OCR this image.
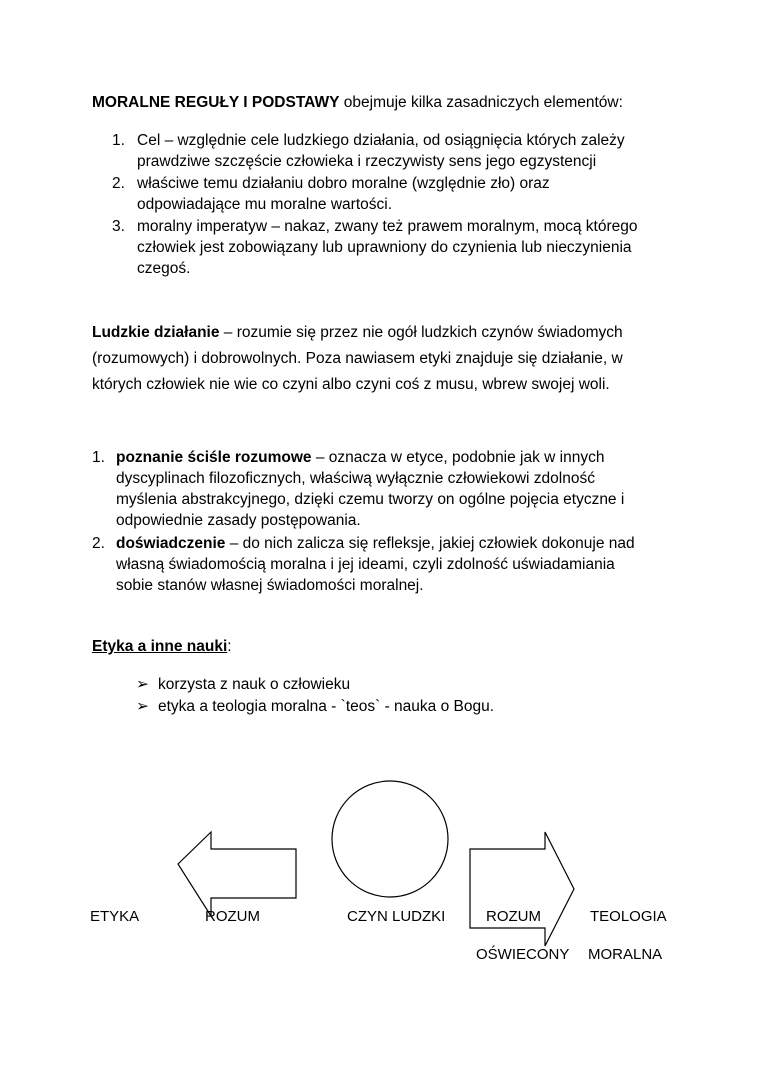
MORALNE REGUŁY I PODSTAWY obejmuje kilka zasadniczych elementów:
1. Cel – względnie cele ludzkiego działania, od osiągnięcia których zależy
prawdziwe szczęście człowieka i rzeczywisty sens jego egzystencji
2. właściwe temu działaniu dobro moralne (względnie zło) oraz
odpowiadające mu moralne wartości.
3. moralny imperatyw – nakaz, zwany też prawem moralnym, mocą którego
człowiek jest zobowiązany lub uprawniony do czynienia lub nieczynienia
czegoś.
Ludzkie działanie – rozumie się przez nie ogół ludzkich czynów świadomych
(rozumowych) i dobrowolnych. Poza nawiasem etyki znajduje się działanie, w
których człowiek nie wie co czyni albo czyni coś z musu, wbrew swojej woli.
1. poznanie ściśle rozumowe – oznacza w etyce, podobnie jak w innych
dyscyplinach filozoficznych, właściwą wyłącznie człowiekowi zdolność
myślenia abstrakcyjnego, dzięki czemu tworzy on ogólne pojęcia etyczne i
odpowiednie zasady postępowania.
2. doświadczenie – do nich zalicza się refleksje, jakiej człowiek dokonuje nad
własną świadomością moralna i jej ideami, czyli zdolność uświadamiania
sobie stanów własnej świadomości moralnej.
Etyka a inne nauki:
➢ korzysta z nauk o człowieku
➢ etyka a teologia moralna - `teos` - nauka o Bogu.
ETYKA	ROZUM	CZYN LUDZKI	ROZUM	TEOLOGIA
OŚWIECONY MORALNA
